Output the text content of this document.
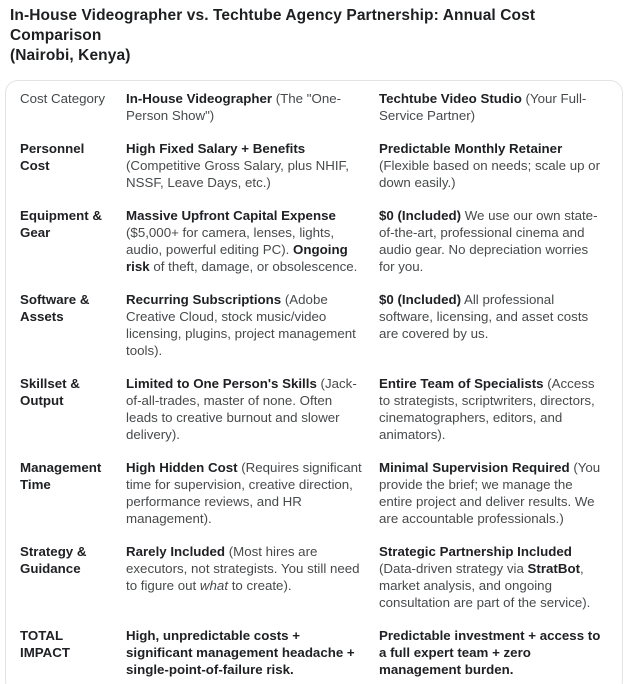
In-House Videographer vs. Techtube Agency Partnership: Annual Cost Comparison
(Nairobi, Kenya)
Cost Category	In-House Videographer (The "One-Person Show")
Techtube Video Studio (Your Full-Service Partner)
Personnel Cost
High Fixed Salary + Benefits (Competitive Gross Salary, plus NHIF, NSSF, Leave Days, etc.)
Predictable Monthly Retainer (Flexible based on needs; scale up or down easily.)
Equipment & Gear
Massive Upfront Capital Expense ($5,000+ for camera, lenses, lights, audio, powerful editing PC). Ongoing risk of theft, damage, or obsolescence.
$0 (Included) We use our own state-of-the-art, professional cinema and audio gear. No depreciation worries for you.
Software & Assets
Recurring Subscriptions (Adobe Creative Cloud, stock music/video licensing, plugins, project management tools).
$0 (Included) All professional software, licensing, and asset costs are covered by us.
Skillset & Output
Limited to One Person's Skills (Jack-of-all-trades, master of none. Often leads to creative burnout and slower delivery).
Entire Team of Specialists (Access to strategists, scriptwriters, directors, cinematographers, editors, and animators).
Management Time
High Hidden Cost (Requires significant time for supervision, creative direction, performance reviews, and HR management).
Minimal Supervision Required (You provide the brief; we manage the entire project and deliver results. We are accountable professionals.)
Strategy & Guidance
Rarely Included (Most hires are executors, not strategists. You still need to figure out what to create).
Strategic Partnership Included (Data-driven strategy via StratBot, market analysis, and ongoing consultation are part of the service).
TOTAL IMPACT
High, unpredictable costs + significant management headache + single-point-of-failure risk.
Predictable investment + access to a full expert team + zero management burden.
